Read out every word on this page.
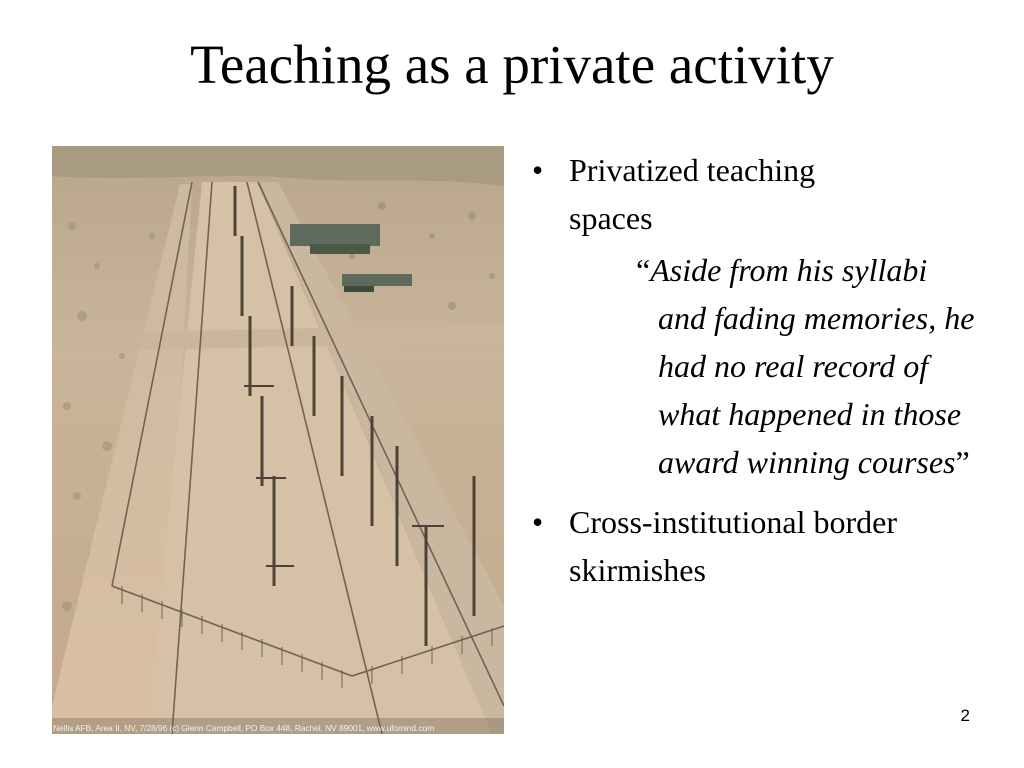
Teaching as a private activity
Nellis AFB, Area II, NV, 7/28/96 (c) Glenn Campbell, PO Box 448, Rachel, NV 89001, www.ufomind.com
• Privatized teaching spaces
“Aside from his syllabi and fading memories, he had no real record of what happened in those award winning courses”
• Cross-institutional border skirmishes
2
